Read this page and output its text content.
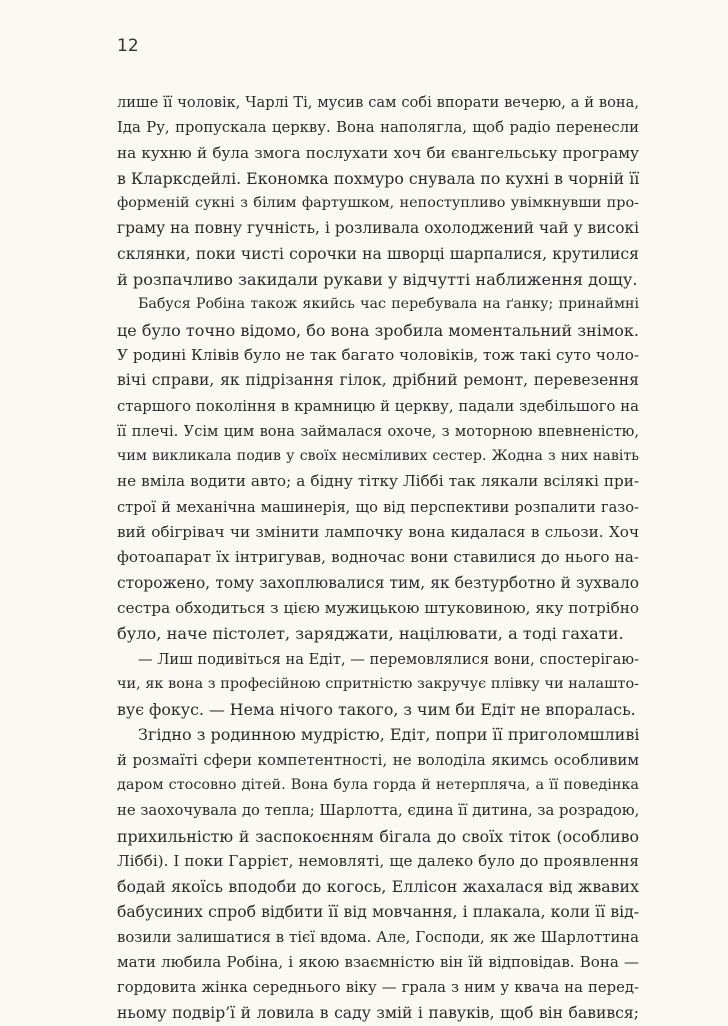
12
лише її чоловік, Чарлі Ті, мусив сам собі впорати вечерю, а й вона,
Іда Ру, пропускала церкву. Вона наполягла, щоб радіо перенесли
на кухню й була змога послухати хоч би євангельську програму
в Кларксдейлі. Економка похмуро снувала по кухні в чорній її
форменій сукні з білим фартушком, непоступливо увімкнувши про-
граму на повну гучність, і розливала охолоджений чай у високі
склянки, поки чисті сорочки на шворці шарпалися, крутилися
й розпачливо закидали рукави у відчутті наближення дощу.
Бабуся Робіна також якийсь час перебувала на ґанку; принаймні
це було точно відомо, бо вона зробила моментальний знімок.
У родині Клівів було не так багато чоловіків, тож такі суто чоло-
вічі справи, як підрізання гілок, дрібний ремонт, перевезення
старшого покоління в крамницю й церкву, падали здебільшого на
її плечі. Усім цим вона займалася охоче, з моторною впевненістю,
чим викликала подив у своїх несміливих сестер. Жодна з них навіть
не вміла водити авто; а бідну тітку Ліббі так лякали всілякі при-
строї й механічна машинерія, що від перспективи розпалити газо-
вий обігрівач чи змінити лампочку вона кидалася в сльози. Хоч
фотоапарат їх інтригував, водночас вони ставилися до нього на-
сторожено, тому захоплювалися тим, як безтурботно й зухвало
сестра обходиться з цією мужицькою штуковиною, яку потрібно
було, наче пістолет, заряджати, націлювати, а тоді гахати.
— Лиш подивіться на Едіт, — перемовлялися вони, спостерігаю-
чи, як вона з професійною спритністю закручує плівку чи налашто-
вує фокус. — Нема нічого такого, з чим би Едіт не впоралась.
Згідно з родинною мудрістю, Едіт, попри її приголомшливі
й розмаїті сфери компетентності, не володіла якимсь особливим
даром стосовно дітей. Вона була горда й нетерпляча, а її поведінка
не заохочувала до тепла; Шарлотта, єдина її дитина, за розрадою,
прихильністю й заспокоєнням бігала до своїх тіток (особливо
Ліббі). І поки Гаррієт, немовляті, ще далеко було до проявлення
бодай якоїсь вподоби до когось, Еллісон жахалася від жвавих
бабусиних спроб відбити її від мовчання, і плакала, коли її від-
возили залишатися в тієї вдома. Але, Господи, як же Шарлоттина
мати любила Робіна, і якою взаємністю він їй відповідав. Вона —
гордовита жінка середнього віку — грала з ним у квача на перед-
ньому подвір’ї й ловила в саду змій і павуків, щоб він бавився;
